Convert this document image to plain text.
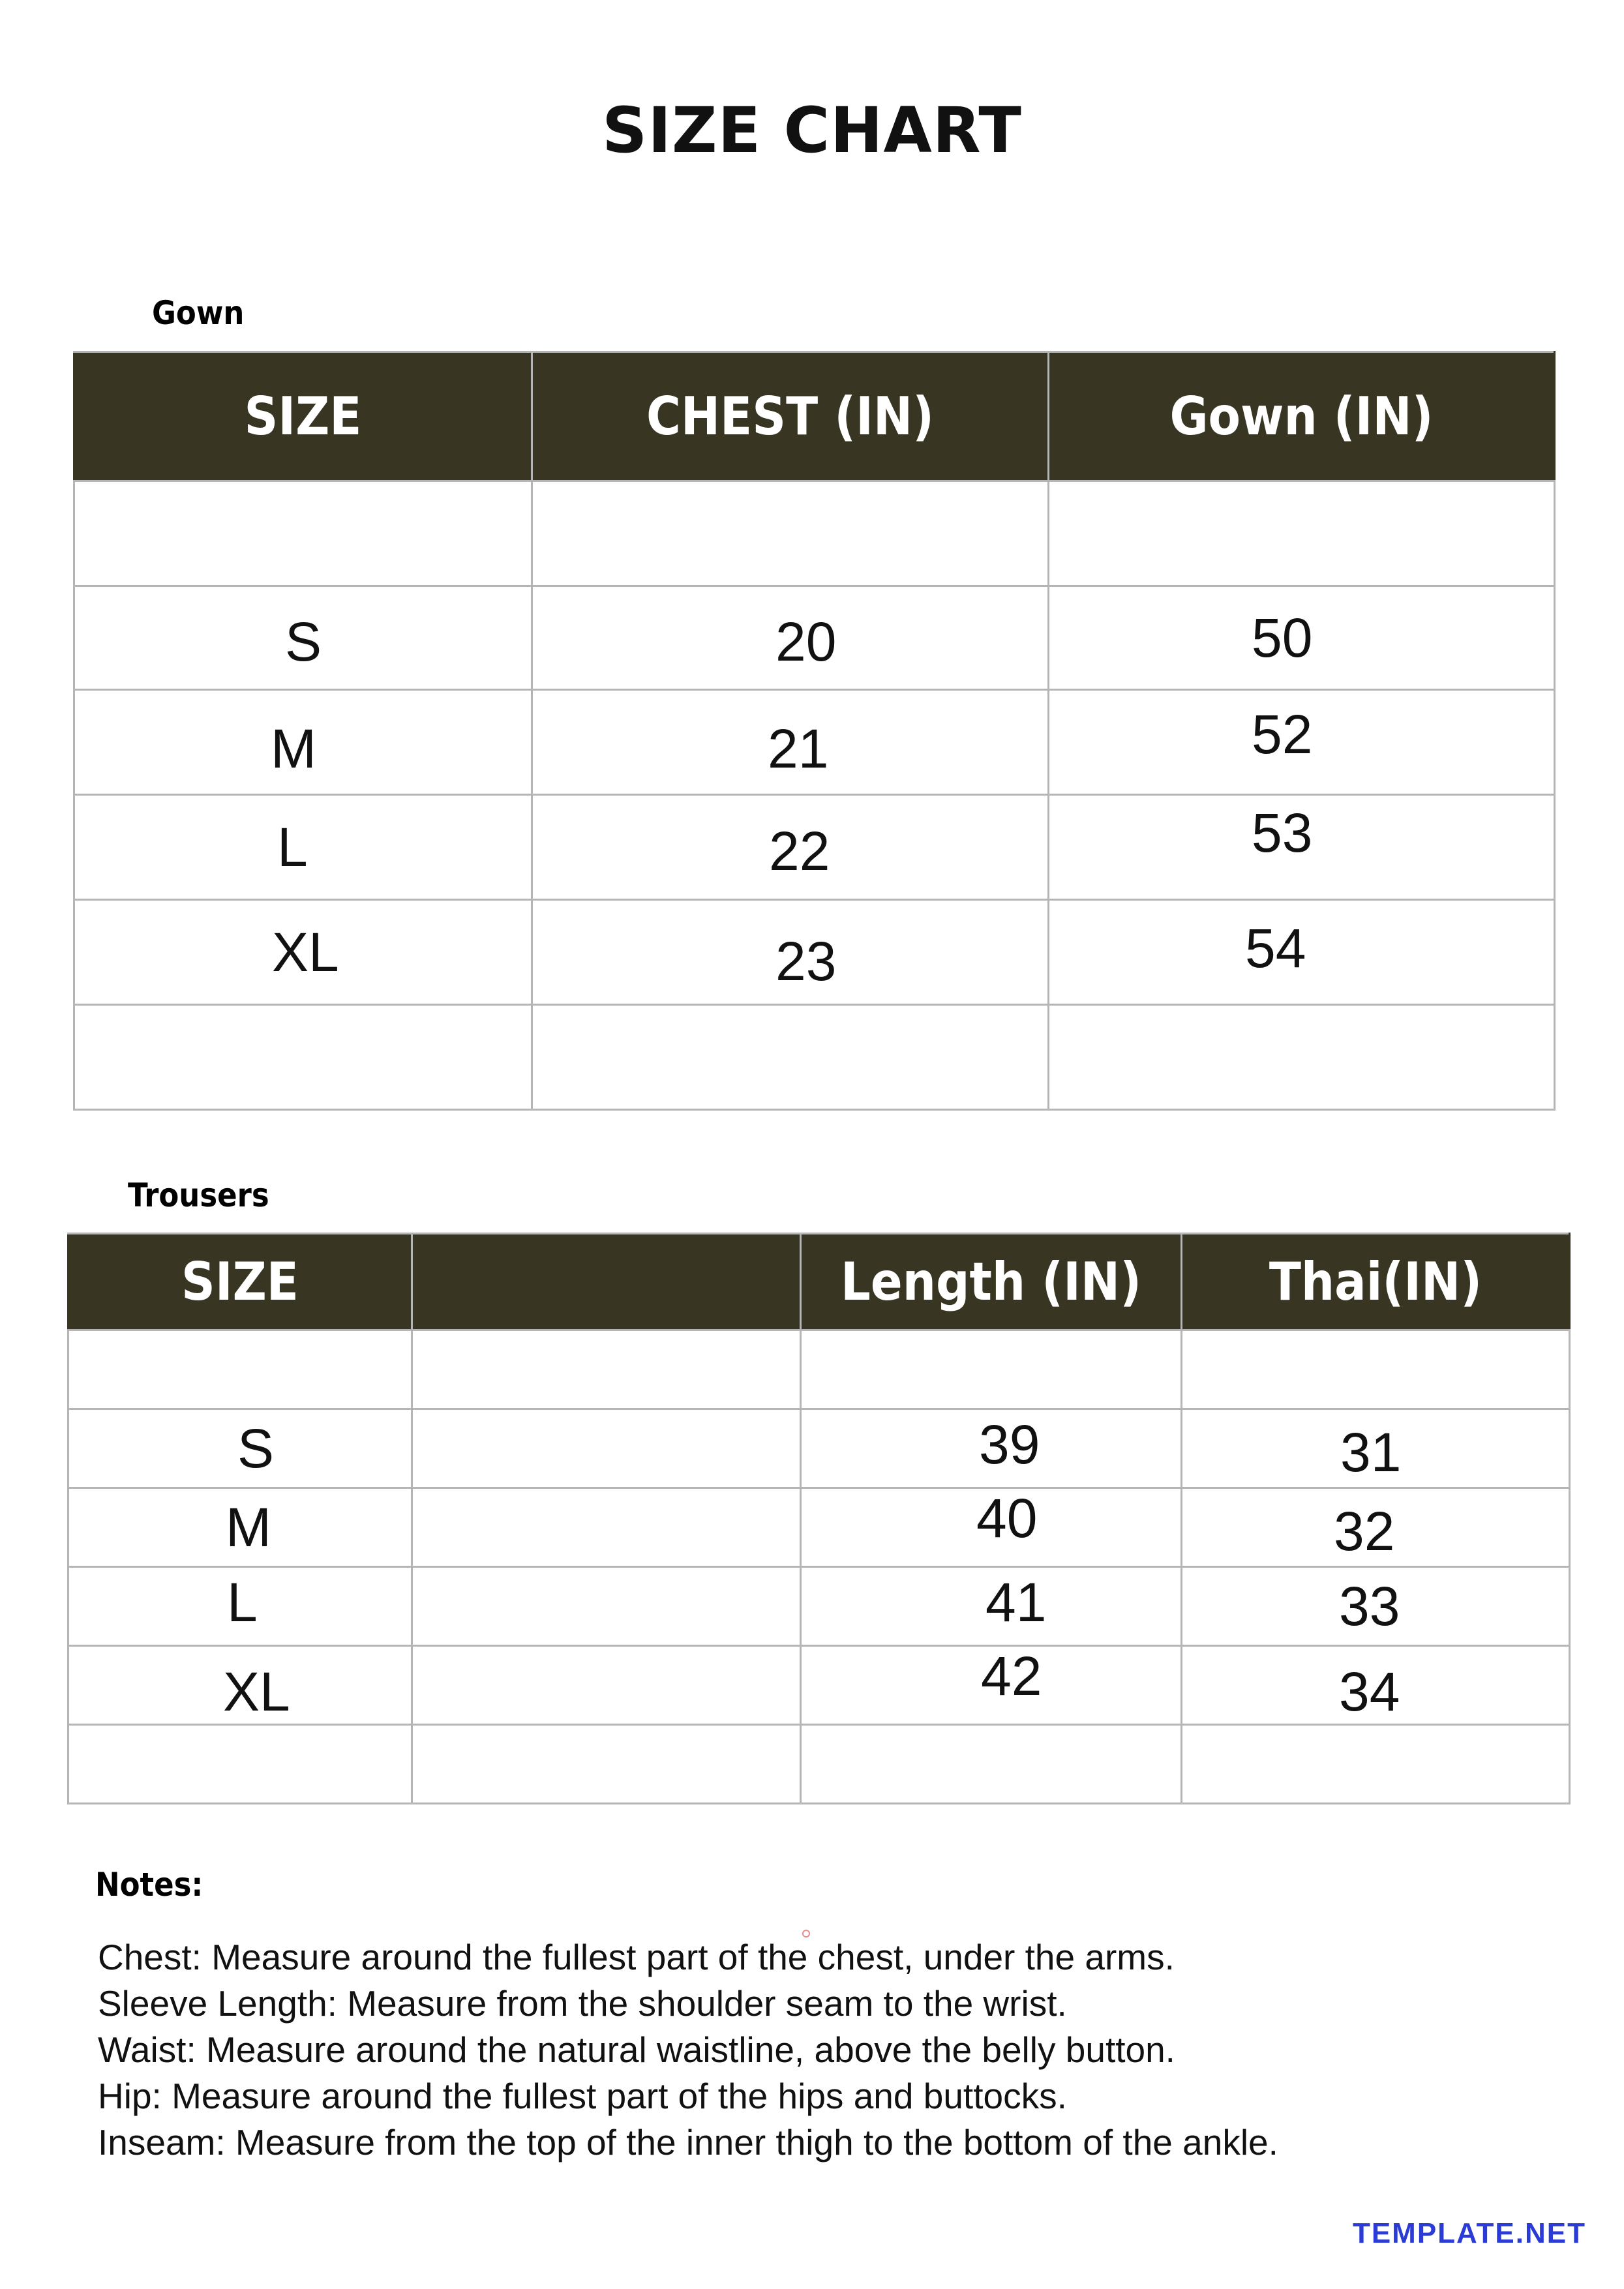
SIZE CHART
Gown
SIZE	CHEST (IN)	Gown (IN)

S	20	50

M	21	52

L	22	53

XL	23	54

Trousers
SIZE		Length (IN)	Thai(IN)

S		39	31

M		40	32

L		41	33

XL		42	34

Notes:
Chest: Measure around the fullest part of the chest, under the arms.
Sleeve Length: Measure from the shoulder seam to the wrist.
Waist: Measure around the natural waistline, above the belly button.
Hip: Measure around the fullest part of the hips and buttocks.
Inseam: Measure from the top of the inner thigh to the bottom of the ankle.
TEMPLATE.NET
